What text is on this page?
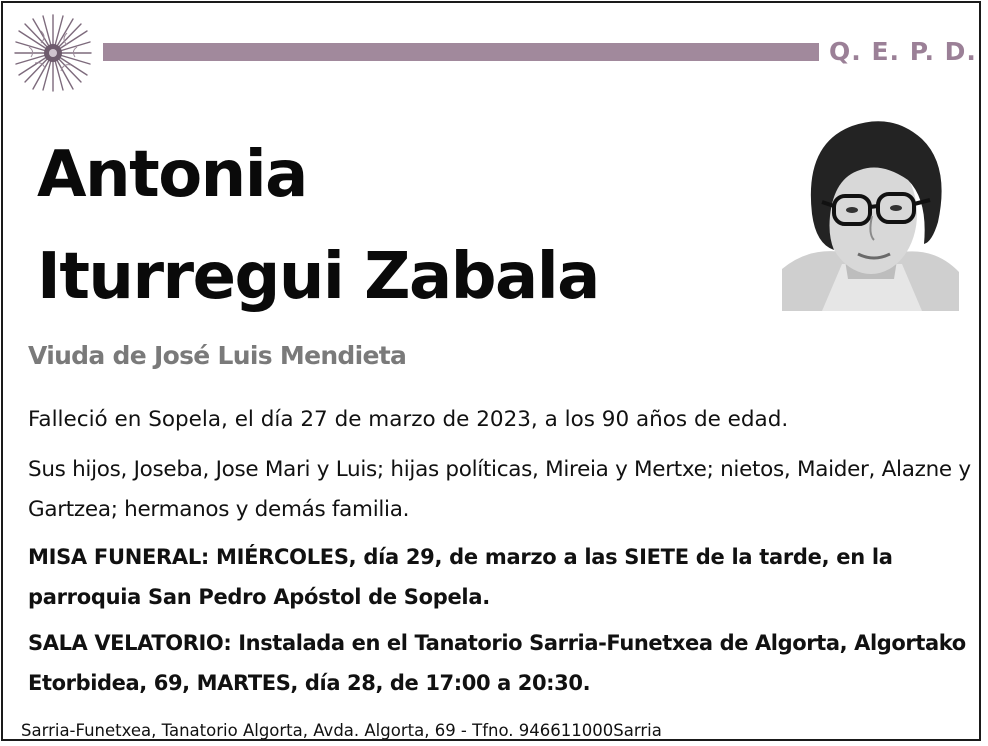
Q. E. P. D.
Antonia
Iturregui Zabala
Viuda de José Luis Mendieta

Falleció en Sopela, el día 27 de marzo de 2023, a los 90 años de edad.

Sus hijos, Joseba, Jose Mari y Luis; hijas políticas, Mireia y Mertxe; nietos, Maider, Alazne y Gartzea; hermanos y demás familia.

MISA FUNERAL: MIÉRCOLES, día 29, de marzo a las SIETE de la tarde, en la parroquia San Pedro Apóstol de Sopela.

SALA VELATORIO: Instalada en el Tanatorio Sarria-Funetxea de Algorta, Algortako Etorbidea, 69, MARTES, día 28, de 17:00 a 20:30.

Sarria-Funetxea, Tanatorio Algorta, Avda. Algorta, 69 - Tfno. 946611000Sarria
